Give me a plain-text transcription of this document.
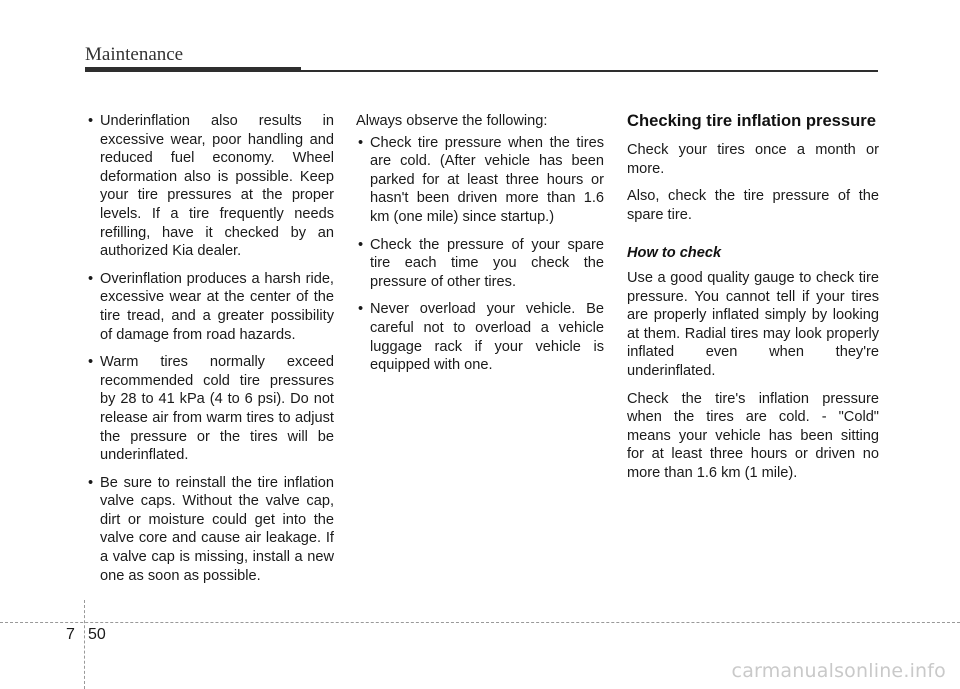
Maintenance
• Underinflation also results in excessive wear, poor handling and reduced fuel economy. Wheel deformation also is possible. Keep your tire pressures at the proper levels. If a tire frequently needs refilling, have it checked by an authorized Kia dealer.
• Overinflation produces a harsh ride, excessive wear at the center of the tire tread, and a greater possibility of damage from road hazards.
• Warm tires normally exceed recommended cold tire pressures by 28 to 41 kPa (4 to 6 psi). Do not release air from warm tires to adjust the pressure or the tires will be underinflated.
• Be sure to reinstall the tire inflation valve caps. Without the valve cap, dirt or moisture could get into the valve core and cause air leakage. If a valve cap is missing, install a new one as soon as possible.

Always observe the following:

• Check tire pressure when the tires are cold. (After vehicle has been parked for at least three hours or hasn't been driven more than 1.6 km (one mile) since startup.)
• Check the pressure of your spare tire each time you check the pressure of other tires.
• Never overload your vehicle. Be careful not to overload a vehicle luggage rack if your vehicle is equipped with one.
Checking tire inflation pressure

Check your tires once a month or more.

Also, check the tire pressure of the spare tire.

How to check

Use a good quality gauge to check tire pressure. You cannot tell if your tires are properly inflated simply by looking at them. Radial tires may look properly inflated even when they're underinflated.

Check the tire's inflation pressure when the tires are cold. - "Cold" means your vehicle has been sitting for at least three hours or driven no more than 1.6 km (1 mile).

7 50
carmanualsonline.info
